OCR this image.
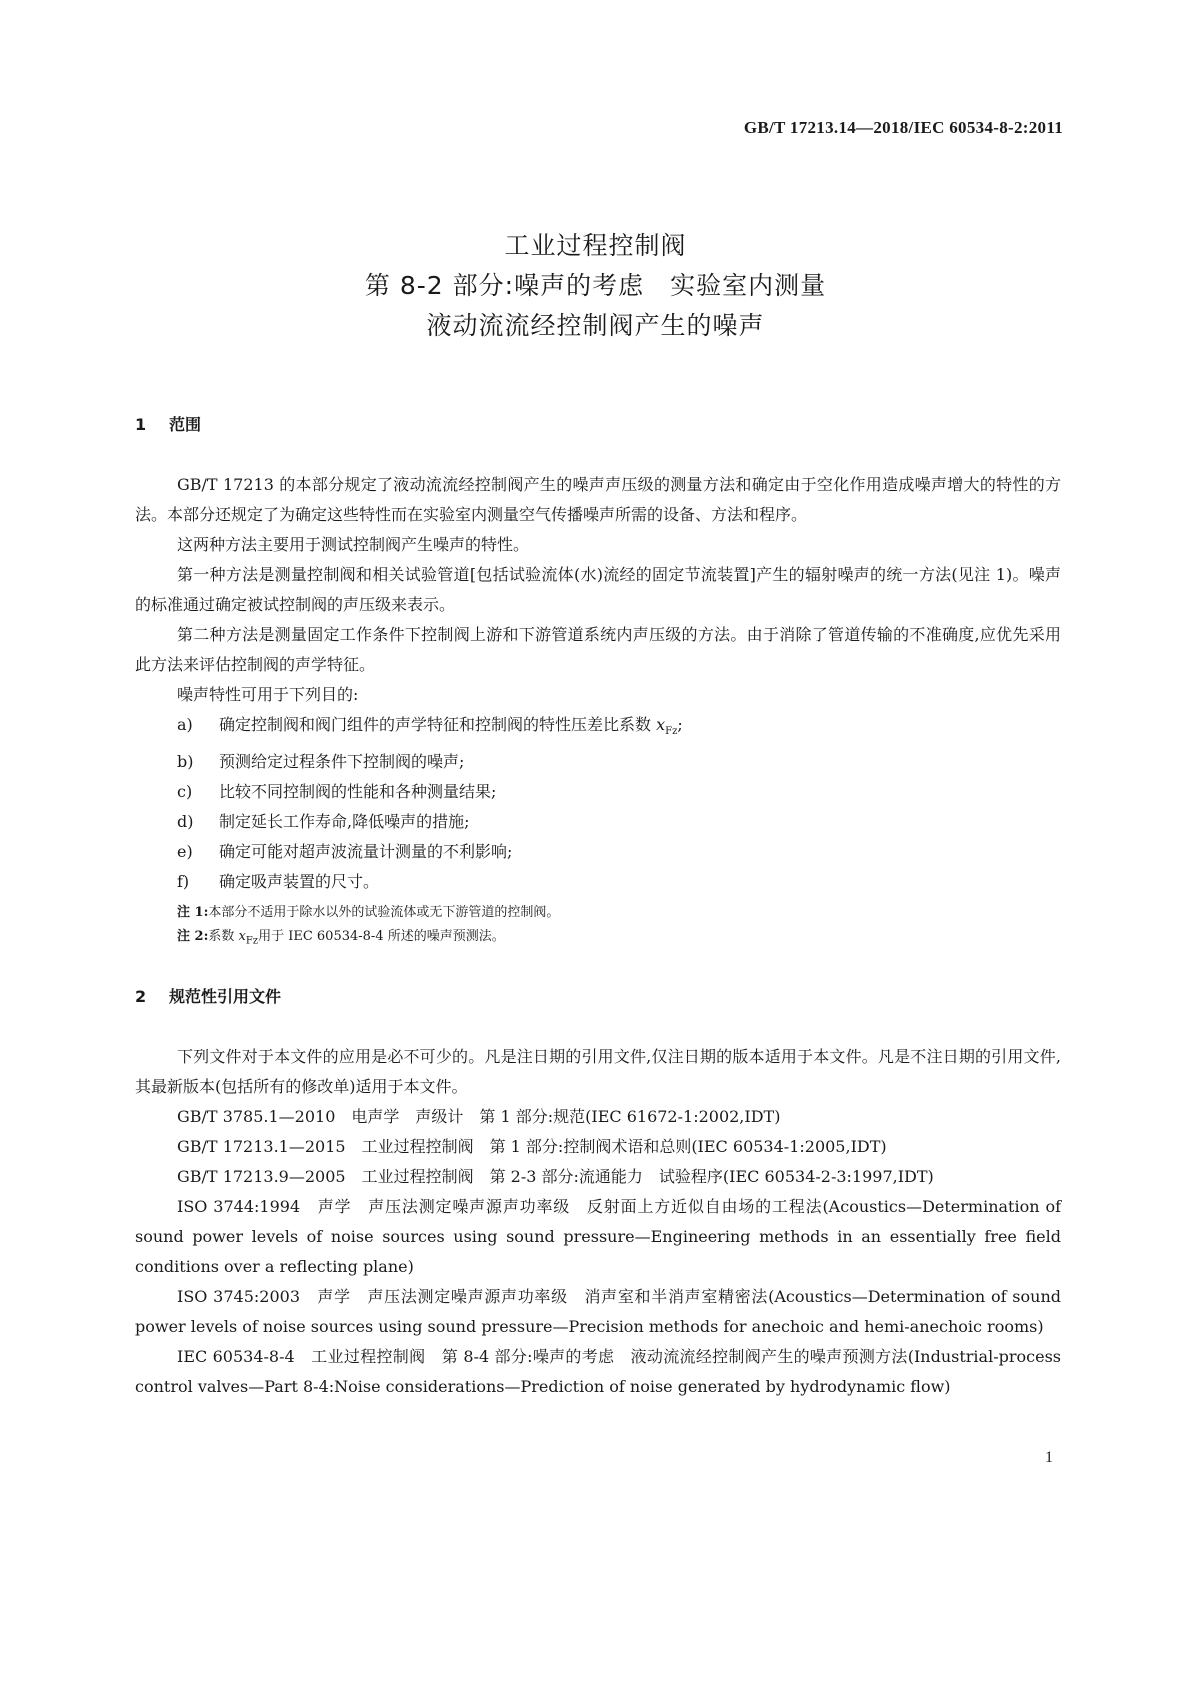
GB/T 17213.14—2018/IEC 60534-8-2:2011
工业过程控制阀
第 8-2 部分:噪声的考虑　实验室内测量
液动流流经控制阀产生的噪声
1 范围

GB/T 17213 的本部分规定了液动流流经控制阀产生的噪声声压级的测量方法和确定由于空化作用造成噪声增大的特性的方法。本部分还规定了为确定这些特性而在实验室内测量空气传播噪声所需的设备、方法和程序。

这两种方法主要用于测试控制阀产生噪声的特性。

第一种方法是测量控制阀和相关试验管道[包括试验流体(水)流经的固定节流装置]产生的辐射噪声的统一方法(见注 1)。噪声的标准通过确定被试控制阀的声压级来表示。

第二种方法是测量固定工作条件下控制阀上游和下游管道系统内声压级的方法。由于消除了管道传输的不准确度,应优先采用此方法来评估控制阀的声学特征。

噪声特性可用于下列目的:

a) 确定控制阀和阀门组件的声学特征和控制阀的特性压差比系数 $x_{Fz}$;

b) 预测给定过程条件下控制阀的噪声;

c) 比较不同控制阀的性能和各种测量结果;

d) 制定延长工作寿命,降低噪声的措施;

e) 确定可能对超声波流量计测量的不利影响;

f) 确定吸声装置的尺寸。

注 1:本部分不适用于除水以外的试验流体或无下游管道的控制阀。

注 2:系数 $x_{Fz}$用于 IEC 60534-8-4 所述的噪声预测法。

2 规范性引用文件

下列文件对于本文件的应用是必不可少的。凡是注日期的引用文件,仅注日期的版本适用于本文件。凡是不注日期的引用文件,其最新版本(包括所有的修改单)适用于本文件。

GB/T 3785.1—2010　电声学　声级计　第 1 部分:规范(IEC 61672-1:2002,IDT)

GB/T 17213.1—2015　工业过程控制阀　第 1 部分:控制阀术语和总则(IEC 60534-1:2005,IDT)

GB/T 17213.9—2005　工业过程控制阀　第 2-3 部分:流通能力　试验程序(IEC 60534-2-3:1997,IDT)

ISO 3744:1994　声学　声压法测定噪声源声功率级　反射面上方近似自由场的工程法(Acoustics—Determination of sound power levels of noise sources using sound pressure—Engineering methods in an essentially free field conditions over a reflecting plane)

ISO 3745:2003　声学　声压法测定噪声源声功率级　消声室和半消声室精密法(Acoustics—Determination of sound power levels of noise sources using sound pressure—Precision methods for anechoic and hemi-anechoic rooms)

IEC 60534-8-4　工业过程控制阀　第 8-4 部分:噪声的考虑　液动流流经控制阀产生的噪声预测方法(Industrial-process control valves—Part 8-4:Noise considerations—Prediction of noise generated by hydrodynamic flow)

1
